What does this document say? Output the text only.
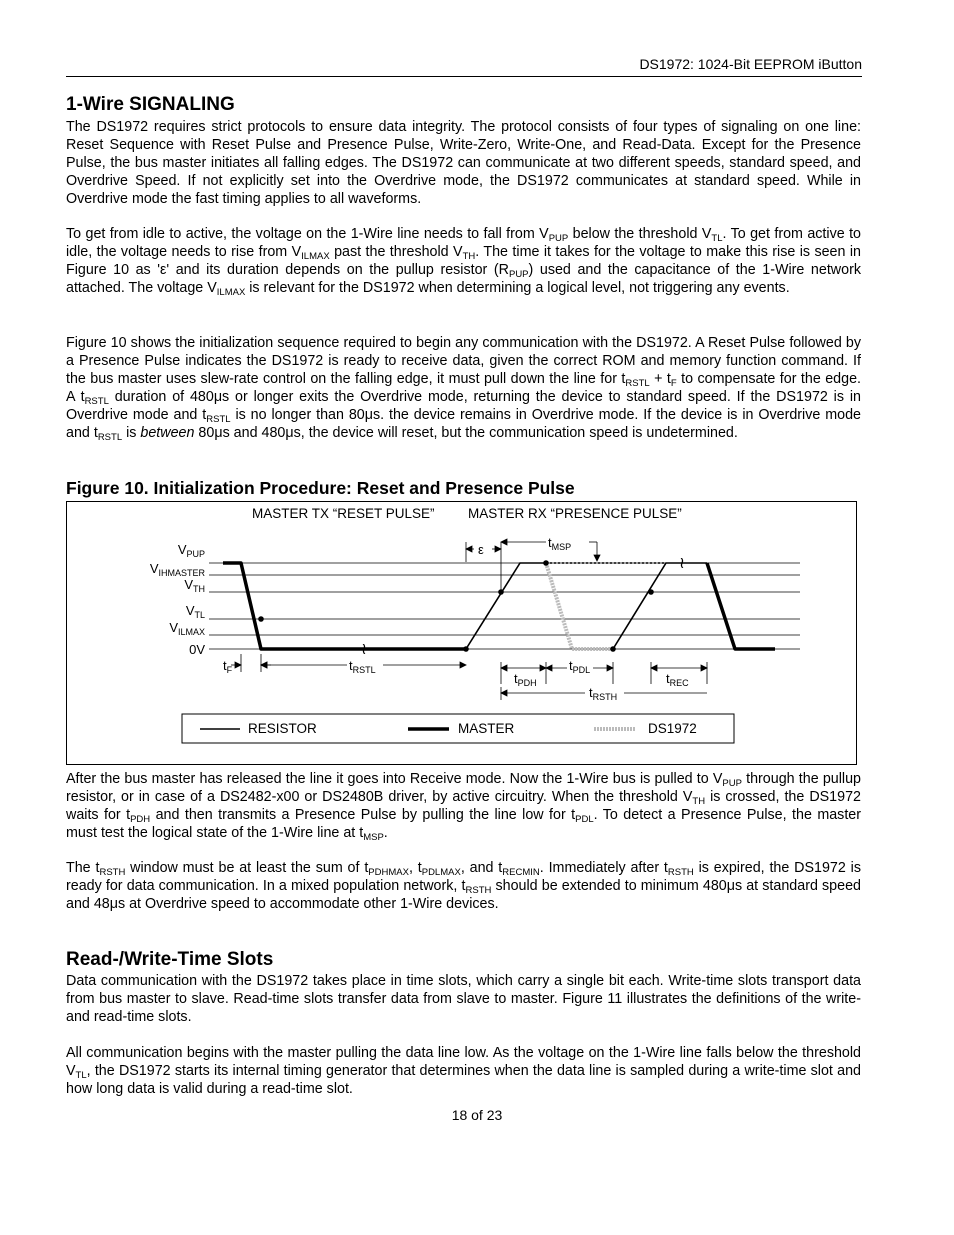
DS1972: 1024-Bit EEPROM iButton
1-Wire SIGNALING

The DS1972 requires strict protocols to ensure data integrity. The protocol consists of four types of signaling on one line: Reset Sequence with Reset Pulse and Presence Pulse, Write-Zero, Write-One, and Read-Data. Except for the Presence Pulse, the bus master initiates all falling edges. The DS1972 can communicate at two different speeds, standard speed, and Overdrive Speed. If not explicitly set into the Overdrive mode, the DS1972 communicates at standard speed. While in Overdrive mode the fast timing applies to all waveforms.

To get from idle to active, the voltage on the 1-Wire line needs to fall from $V_{PUP}$ below the threshold $V_{TL}$. To get from active to idle, the voltage needs to rise from $V_{ILMAX}$ past the threshold $V_{TH}$. The time it takes for the voltage to make this rise is seen in Figure 10 as 'ε' and its duration depends on the pullup resistor $(R_{PUP})$ used and the capacitance of the 1-Wire network attached. The voltage $V_{ILMAX}$ is relevant for the DS1972 when determining a logical level, not triggering any events.

Figure 10 shows the initialization sequence required to begin any communication with the DS1972. A Reset Pulse followed by a Presence Pulse indicates the DS1972 is ready to receive data, given the correct ROM and memory function command. If the bus master uses slew-rate control on the falling edge, it must pull down the line for $t_{RSTL} + t_F$ to compensate for the edge. A $t_{RSTL}$ duration of 480μs or longer exits the Overdrive mode, returning the device to standard speed. If the DS1972 is in Overdrive mode and $t_{RSTL}$ is no longer than 80μs. the device remains in Overdrive mode. If the device is in Overdrive mode and $t_{RSTL}$ is between 80μs and 480μs, the device will reset, but the communication speed is undetermined.

Figure 10. Initialization Procedure: Reset and Presence Pulse
MASTER TX “RESET PULSE” MASTER RX “PRESENCE PULSE”
$V_{PUP}$
$V_{IHMASTER}$
$V_{TH}$
$V_{TL}$
$V_{ILMAX}$
0V	≀
≀
$t_F$	$t_{RSTL}$
ε	$t_{MSP}$
$t_{PDH}$
$t_{PDL}$
$t_{REC}$
$t_{RSTH}$
RESISTOR	MASTER	DS1972

After the bus master has released the line it goes into Receive mode. Now the 1-Wire bus is pulled to $V_{PUP}$ through the pullup resistor, or in case of a DS2482-x00 or DS2480B driver, by active circuitry. When the threshold $V_{TH}$ is crossed, the DS1972 waits for $t_{PDH}$ and then transmits a Presence Pulse by pulling the line low for $t_{PDL}$. To detect a Presence Pulse, the master must test the logical state of the 1-Wire line at $t_{MSP}$.

The $t_{RSTH}$ window must be at least the sum of $t_{PDHMAX}$, $t_{PDLMAX}$, and $t_{RECMIN}$. Immediately after $t_{RSTH}$ is expired, the DS1972 is ready for data communication. In a mixed population network, $t_{RSTH}$ should be extended to minimum 480μs at standard speed and 48μs at Overdrive speed to accommodate other 1-Wire devices.

Read-/Write-Time Slots

Data communication with the DS1972 takes place in time slots, which carry a single bit each. Write-time slots transport data from bus master to slave. Read-time slots transfer data from slave to master. Figure 11 illustrates the definitions of the write- and read-time slots.

All communication begins with the master pulling the data line low. As the voltage on the 1-Wire line falls below the threshold $V_{TL}$, the DS1972 starts its internal timing generator that determines when the data line is sampled during a write-time slot and how long data is valid during a read-time slot.

18 of 23
